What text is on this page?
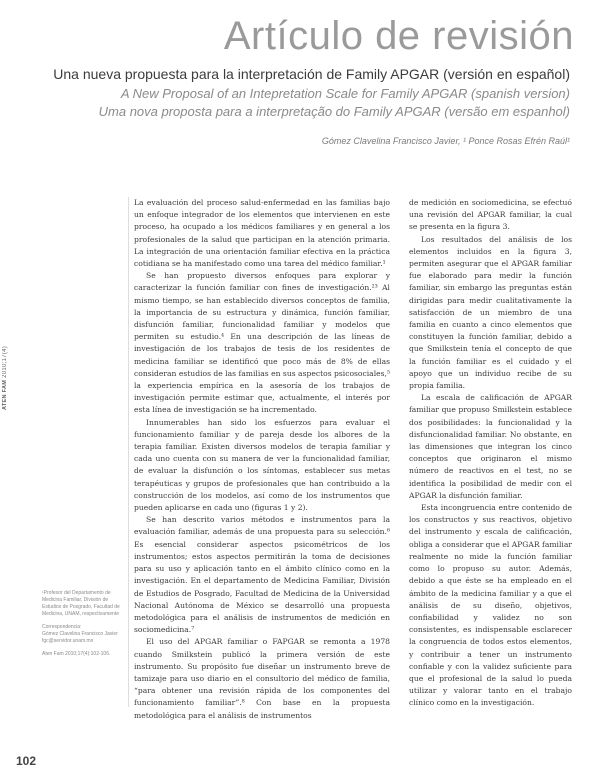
Artículo de revisión
Una nueva propuesta para la interpretación de Family APGAR (versión en español)
A New Proposal of an Intepretation Scale for Family APGAR (spanish version)
Uma nova proposta para a interpretação do Family APGAR (versão em espanhol)
Gómez Clavelina Francisco Javier, ¹ Ponce Rosas Efrén Raúl¹
ATEN FAM 2010;17(4)

La evaluación del proceso salud-enfermedad en las familias bajo un enfoque integrador de los elementos que intervienen en este proceso, ha ocupado a los médicos familiares y en general a los profesionales de la salud que participan en la atención primaria. La integración de una orientación familiar efectiva en la práctica cotidiana se ha manifestado como una tarea del médico familiar.¹

Se han propuesto diversos enfoques para explorar y caracterizar la función familiar con fines de investigación.²³ Al mismo tiempo, se han establecido diversos conceptos de familia, la importancia de su estructura y dinámica, función familiar, disfunción familiar, funcionalidad familiar y modelos que permiten su estudio.⁴ En una descripción de las líneas de investigación de los trabajos de tesis de los residentes de medicina familiar se identificó que poco más de 8% de ellas consideran estudios de las familias en sus aspectos psicosociales,⁵ la experiencia empírica en la asesoría de los trabajos de investigación permite estimar que, actualmente, el interés por esta línea de investigación se ha incrementado.

Innumerables han sido los esfuerzos para evaluar el funcionamiento familiar y de pareja desde los albores de la terapia familiar. Existen diversos modelos de terapia familiar y cada uno cuenta con su manera de ver la funcionalidad familiar, de evaluar la disfunción o los síntomas, establecer sus metas terapéuticas y grupos de profesionales que han contribuido a la construcción de los modelos, así como de los instrumentos que pueden aplicarse en cada uno (figuras 1 y 2).

Se han descrito varios métodos e instrumentos para la evaluación familiar, además de una propuesta para su selección.⁶ Es esencial considerar aspectos psicométricos de los instrumentos; estos aspectos permitirán la toma de decisiones para su uso y aplicación tanto en el ámbito clínico como en la investigación. En el departamento de Medicina Familiar, División de Estudios de Posgrado, Facultad de Medicina de la Universidad Nacional Autónoma de México se desarrolló una propuesta metodológica para el análisis de instrumentos de medición en sociomedicina.⁷

El uso del APGAR familiar o FAPGAR se remonta a 1978 cuando Smilkstein publicó la primera versión de este instrumento. Su propósito fue diseñar un instrumento breve de tamizaje para uso diario en el consultorio del médico de familia, “para obtener una revisión rápida de los componentes del funcionamiento familiar”.⁸ Con base en la propuesta metodológica para el análisis de instrumentos

de medición en sociomedicina, se efectuó una revisión del APGAR familiar, la cual se presenta en la figura 3.

Los resultados del análisis de los elementos incluidos en la figura 3, permiten asegurar que el APGAR familiar fue elaborado para medir la función familiar, sin embargo las preguntas están dirigidas para medir cualitativamente la satisfacción de un miembro de una familia en cuanto a cinco elementos que constituyen la función familiar, debido a que Smilkstein tenía el concepto de que la función familiar es el cuidado y el apoyo que un individuo recibe de su propia familia.

La escala de calificación de APGAR familiar que propuso Smilkstein establece dos posibilidades: la funcionalidad y la disfuncionalidad familiar. No obstante, en las dimensiones que integran los cinco conceptos que originaron el mismo número de reactivos en el test, no se identifica la posibilidad de medir con el APGAR la disfunción familiar.

Esta incongruencia entre contenido de los constructos y sus reactivos, objetivo del instrumento y escala de calificación, obliga a considerar que el APGAR familiar realmente no mide la función familiar como lo propuso su autor. Además, debido a que éste se ha empleado en el ámbito de la medicina familiar y a que el análisis de su diseño, objetivos, confiabilidad y validez no son consistentes, es indispensable esclarecer la congruencia de todos estos elementos, y contribuir a tener un instrumento confiable y con la validez suficiente para que el profesional de la salud lo pueda utilizar y valorar tanto en el trabajo clínico como en la investigación.

¹Profesor del Departamento de Medicina Familiar, División de Estudios de Posgrado, Facultad de Medicina, UNAM, respectivamente

Correspondencia:
Gómez Clavelina Francisco Javier
fgc@servidor.unam.mx

Aten Fam 2010;17(4):102-106.

102
